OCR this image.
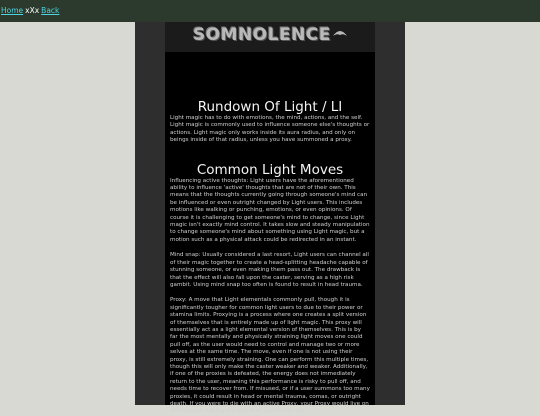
Home xXx Back
SOMNOLENCE
Rundown Of Light / LI

Light magic has to do with emotions, the mind, actions, and the self. Light magic is commonly used to influence someone else's thoughts or actions. Light magic only works inside its aura radius, and only on beings inside of that radius, unless you have summoned a proxy.

Common Light Moves

Influencing active thoughts: Light users have the aforementioned ability to influence 'active' thoughts that are not of their own. This means that the thoughts currently going through someone's mind can be influenced or even outright changed by Light users. This includes motions like walking or punching, emotions, or even opinions. Of course it is challenging to get someone's mind to change, since Light magic isn't exactly mind control. It takes slow and steady manipulation to change someone's mind about something using Light magic, but a motion such as a physical attack could be redirected in an instant.

Mind snap: Usually considered a last resort, Light users can channel all of their magic together to create a head-splitting headache capable of stunning someone, or even making them pass out. The drawback is that the effect will also fall upon the caster, serving as a high risk gambit. Using mind snap too often is found to result in head trauma.

Proxy: A move that Light elementals commonly pull, though it is significantly tougher for common light users to due to their power or stamina limits. Proxying is a process where one creates a split version of themselves that is entirely made up of light magic. This proxy will essentially act as a light elemental version of themselves. This is by far the most mentally and physically straining light moves one could pull off, as the user would need to control and manage two or more selves at the same time. The move, even if one is not using their proxy, is still extremely straining. One can perform this multiple times, though this will only make the caster weaker and weaker. Additionally, if one of the proxies is defeated, the energy does not immediately return to the user, meaning this performance is risky to pull off, and needs time to recover from. If misused, or if a user summons too many proxies, it could result in head or mental trauma, comas, or outright death. If you were to die with an active Proxy, your Proxy would live on without you, taking the soul that you hosted for.
